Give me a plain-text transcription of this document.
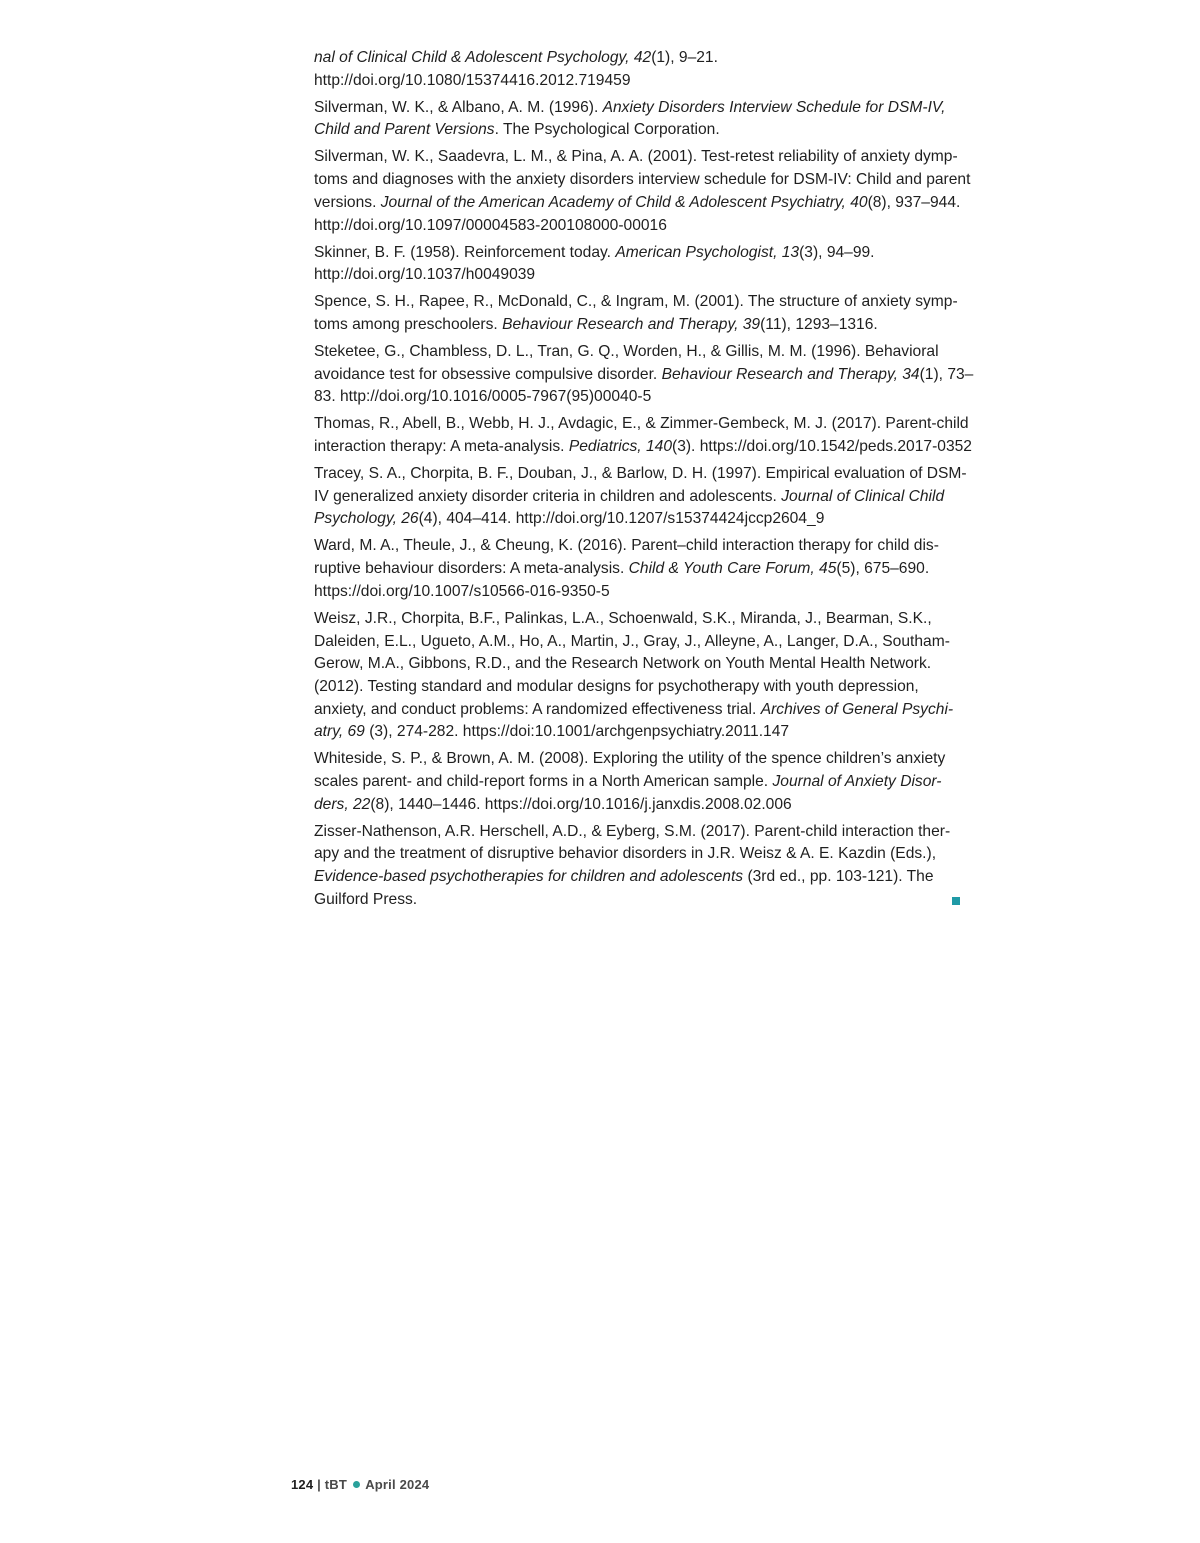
nal of Clinical Child & Adolescent Psychology, 42(1), 9–21. http://doi.org/10.1080/15374416.2012.719459

Silverman, W. K., & Albano, A. M. (1996). Anxiety Disorders Interview Schedule for DSM-IV, Child and Parent Versions. The Psychological Corporation.

Silverman, W. K., Saadevra, L. M., & Pina, A. A. (2001). Test-retest reliability of anxiety dymp-toms and diagnoses with the anxiety disorders interview schedule for DSM-IV: Child and parent versions. Journal of the American Academy of Child & Adolescent Psychiatry, 40(8), 937–944. http://doi.org/10.1097/00004583-200108000-00016

Skinner, B. F. (1958). Reinforcement today. American Psychologist, 13(3), 94–99. http://doi.org/10.1037/h0049039

Spence, S. H., Rapee, R., McDonald, C., & Ingram, M. (2001). The structure of anxiety symp-toms among preschoolers. Behaviour Research and Therapy, 39(11), 1293–1316.

Steketee, G., Chambless, D. L., Tran, G. Q., Worden, H., & Gillis, M. M. (1996). Behavioral avoidance test for obsessive compulsive disorder. Behaviour Research and Therapy, 34(1), 73–83. http://doi.org/10.1016/0005-7967(95)00040-5

Thomas, R., Abell, B., Webb, H. J., Avdagic, E., & Zimmer-Gembeck, M. J. (2017). Parent-child interaction therapy: A meta-analysis. Pediatrics, 140(3). https://doi.org/10.1542/peds.2017-0352

Tracey, S. A., Chorpita, B. F., Douban, J., & Barlow, D. H. (1997). Empirical evaluation of DSM-IV generalized anxiety disorder criteria in children and adolescents. Journal of Clinical Child Psychology, 26(4), 404–414. http://doi.org/10.1207/s15374424jccp2604_9

Ward, M. A., Theule, J., & Cheung, K. (2016). Parent–child interaction therapy for child dis-ruptive behaviour disorders: A meta-analysis. Child & Youth Care Forum, 45(5), 675–690. https://doi.org/10.1007/s10566-016-9350-5

Weisz, J.R., Chorpita, B.F., Palinkas, L.A., Schoenwald, S.K., Miranda, J., Bearman, S.K., Daleiden, E.L., Ugueto, A.M., Ho, A., Martin, J., Gray, J., Alleyne, A., Langer, D.A., Southam-Gerow, M.A., Gibbons, R.D., and the Research Network on Youth Mental Health Network. (2012). Testing standard and modular designs for psychotherapy with youth depression, anxiety, and conduct problems: A randomized effectiveness trial. Archives of General Psychi-atry, 69 (3), 274-282. https://doi:10.1001/archgenpsychiatry.2011.147

Whiteside, S. P., & Brown, A. M. (2008). Exploring the utility of the spence children’s anxiety scales parent- and child-report forms in a North American sample. Journal of Anxiety Disor-ders, 22(8), 1440–1446. https://doi.org/10.1016/j.janxdis.2008.02.006

Zisser-Nathenson, A.R. Herschell, A.D., & Eyberg, S.M. (2017). Parent-child interaction ther-apy and the treatment of disruptive behavior disorders in J.R. Weisz & A. E. Kazdin (Eds.), Evidence-based psychotherapies for children and adolescents (3rd ed., pp. 103-121). The Guilford Press.

124 | tBT April 2024
